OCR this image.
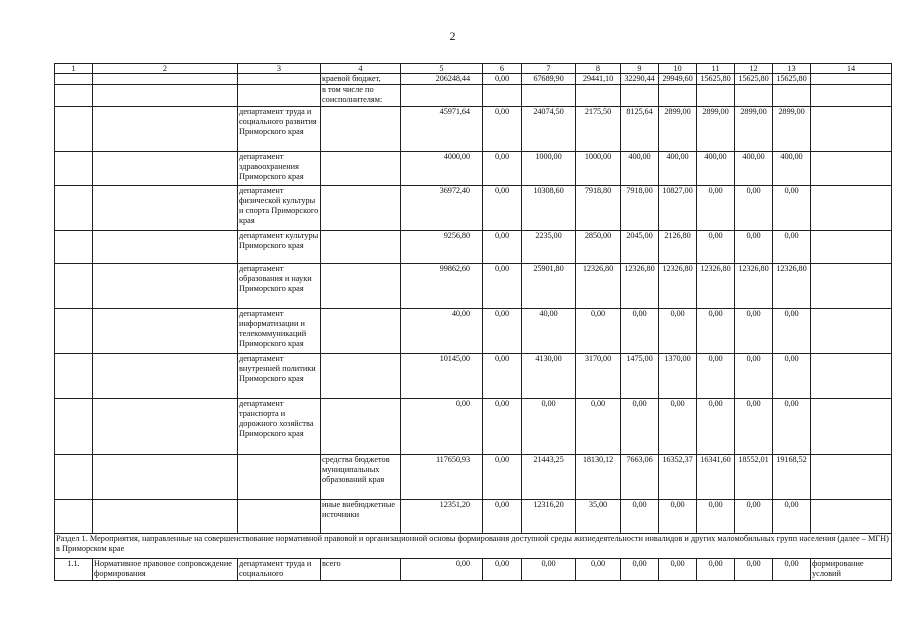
2
1	2	3	4	5	6	7	8	9	10	11	12	13	14
			краевой бюджет,	206248,44	0,00	67689,90	29441,10	32290,44	29949,60	15625,80	15625,80	15625,80	
			в том числе по соисполнителям:										
		департамент труда и социального развития Приморского края		45971,64	0,00	24074,50	2175,50	8125,64	2899,00	2899,00	2899,00	2899,00	
		департамент здравоохранения Приморского края		4000,00	0,00	1000,00	1000,00	400,00	400,00	400,00	400,00	400,00	
		департамент физической культуры и спорта Приморского края		36972,40	0,00	10308,60	7918,80	7918,00	10827,00	0,00	0,00	0,00	
		департамент культуры Приморского края		9256,80	0,00	2235,00	2850,00	2045,00	2126,80	0,00	0,00	0,00	
		департамент образования и науки Приморского края		99862,60	0,00	25901,80	12326,80	12326,80	12326,80	12326,80	12326,80	12326,80	
		департамент информатизации и телекоммуникаций Приморского края		40,00	0,00	40,00	0,00	0,00	0,00	0,00	0,00	0,00	
		департамент внутренней политики Приморского края		10145,00	0,00	4130,00	3170,00	1475,00	1370,00	0,00	0,00	0,00	
		департамент транспорта и дорожного хозяйства Приморского края		0,00	0,00	0,00	0,00	0,00	0,00	0,00	0,00	0,00	
			средства бюджетов муниципальных образований края	117650,93	0,00	21443,25	18130,12	7663,06	16352,37	16341,60	18552,01	19168,52	
			иные внебюджетные источники	12351,20	0,00	12316,20	35,00	0,00	0,00	0,00	0,00	0,00	
Раздел 1. Мероприятия, направленные на совершенствование нормативной правовой и организационной основы формирования доступной среды жизнедеятельности инвалидов и других маломобильных групп населения (далее – МГН) в Приморском крае													
1.1.	Нормативное правовое сопровождение формирования	департамент труда и социального	всего	0,00	0,00	0,00	0,00	0,00	0,00	0,00	0,00	0,00	формирование условий
